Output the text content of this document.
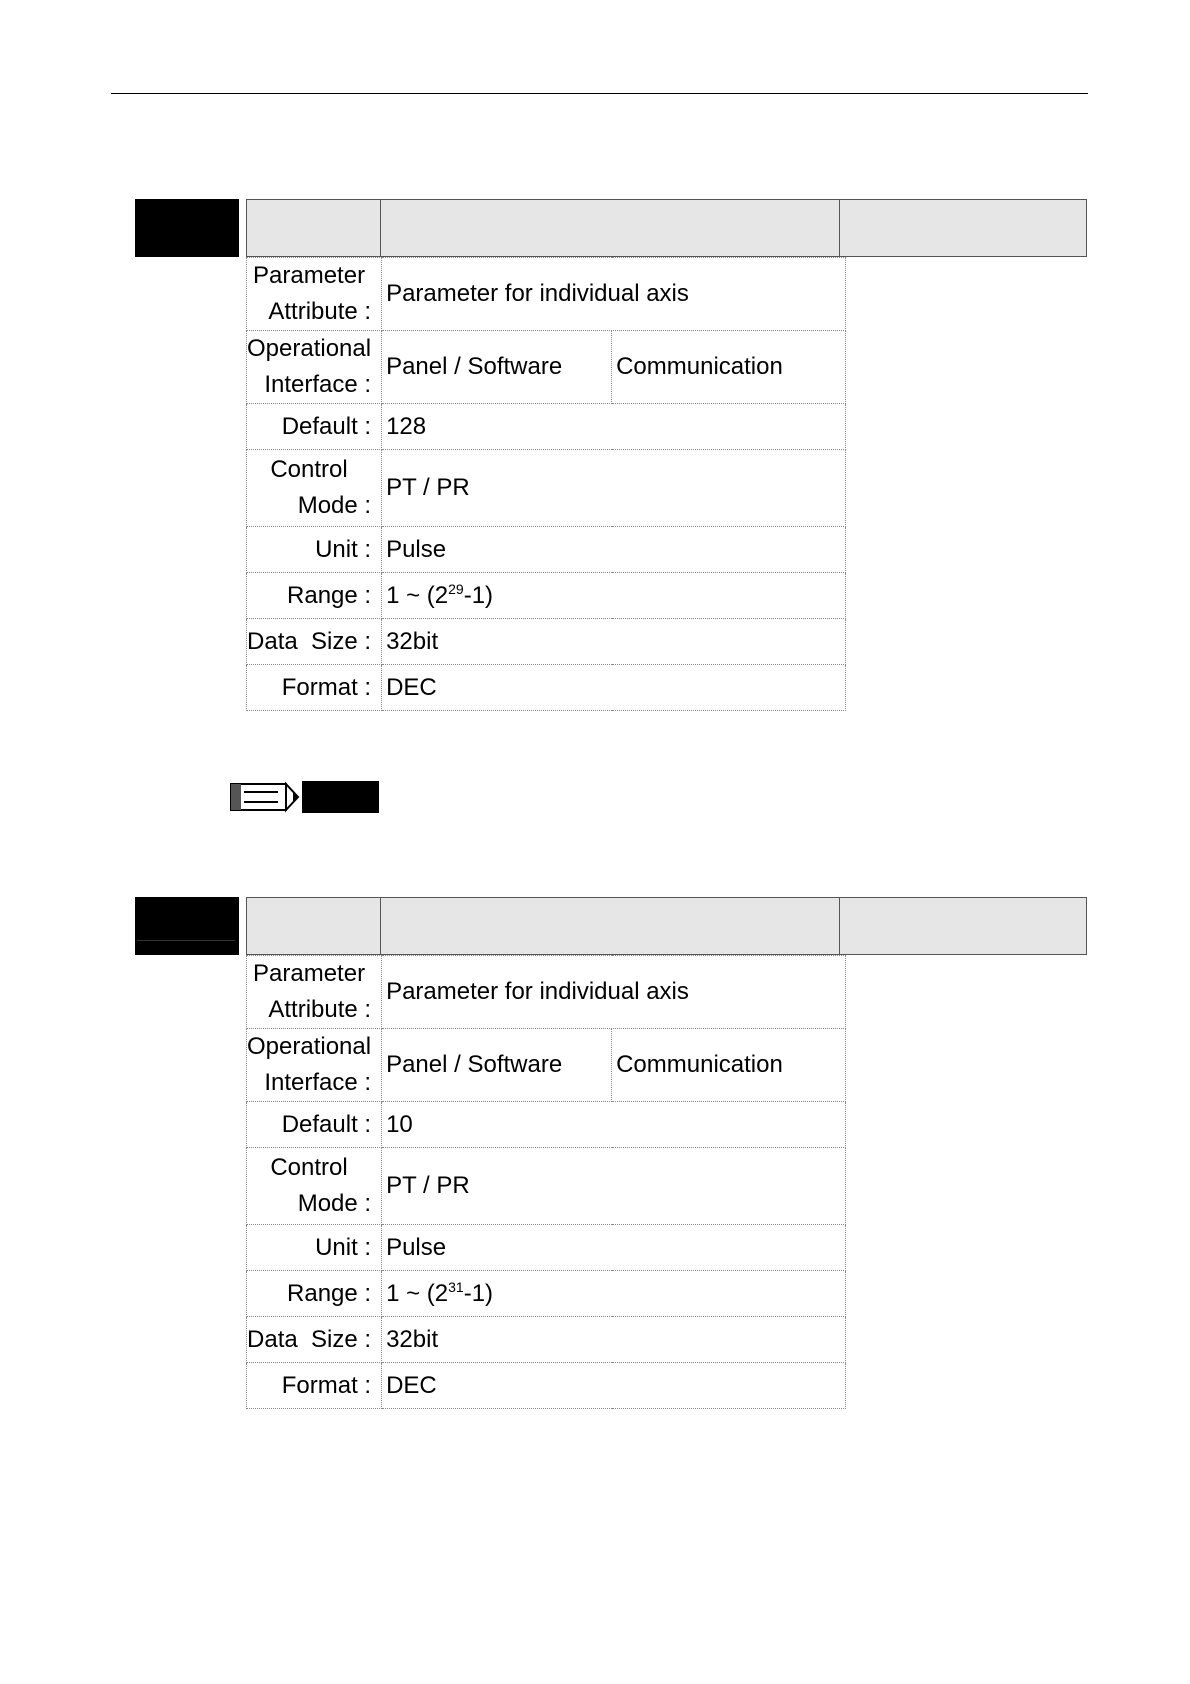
Parameter
Attribute :	Parameter for individual axis	

Operational
Interface :	Panel / Software	Communication
Default :	128	

Control
Mode :	PT / PR	
Unit :	Pulse	
Range :	1 ~ $(2^{29}-1)$	
Data  Size :	32bit	
Format :	DEC	
Parameter
Attribute :	Parameter for individual axis	

Operational
Interface :	Panel / Software	Communication
Default :	10	

Control
Mode :	PT / PR	
Unit :	Pulse	
Range :	1 ~ $(2^{31}-1)$	
Data  Size :	32bit	
Format :	DEC	
